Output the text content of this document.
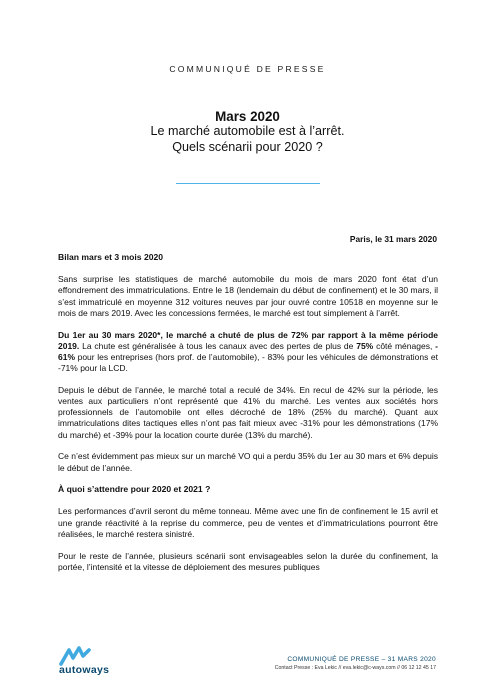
COMMUNIQUÉ DE PRESSE
Mars 2020
Le marché automobile est à l’arrêt.
Quels scénarii pour 2020 ?
Paris, le 31 mars 2020
Bilan mars et 3 mois 2020

Sans surprise les statistiques de marché automobile du mois de mars 2020 font état d’un effondrement des immatriculations. Entre le 18 (lendemain du début de confinement) et le 30 mars, il s’est immatriculé en moyenne 312 voitures neuves par jour ouvré contre 10518 en moyenne sur le mois de mars 2019. Avec les concessions fermées, le marché est tout simplement à l’arrêt.

Du 1er au 30 mars 2020*, le marché a chuté de plus de 72% par rapport à la même période 2019. La chute est généralisée à tous les canaux avec des pertes de plus de 75% côté ménages, - 61% pour les entreprises (hors prof. de l’automobile), - 83% pour les véhicules de démonstrations et -71% pour la LCD.

Depuis le début de l’année, le marché total a reculé de 34%. En recul de 42% sur la période, les ventes aux particuliers n’ont représenté que 41% du marché. Les ventes aux sociétés hors professionnels de l’automobile ont elles décroché de 18% (25% du marché). Quant aux immatriculations dites tactiques elles n’ont pas fait mieux avec -31% pour les démonstrations (17% du marché) et -39% pour la location courte durée (13% du marché).

Ce n’est évidemment pas mieux sur un marché VO qui a perdu 35% du 1er au 30 mars et 6% depuis le début de l’année.

À quoi s’attendre pour 2020 et 2021 ?

Les performances d’avril seront du même tonneau. Même avec une fin de confinement le 15 avril et une grande réactivité à la reprise du commerce, peu de ventes et d’immatriculations pourront être réalisées, le marché restera sinistré.

Pour le reste de l’année, plusieurs scénarii sont envisageables selon la durée du confinement, la portée, l’intensité et la vitesse de déploiement des mesures publiques

autoways
COMMUNIQUÉ DE PRESSE – 31 MARS 2020
Contact Presse : Eva Lekic // eva.lekic@c-ways.com // 06 12 12 45 17
